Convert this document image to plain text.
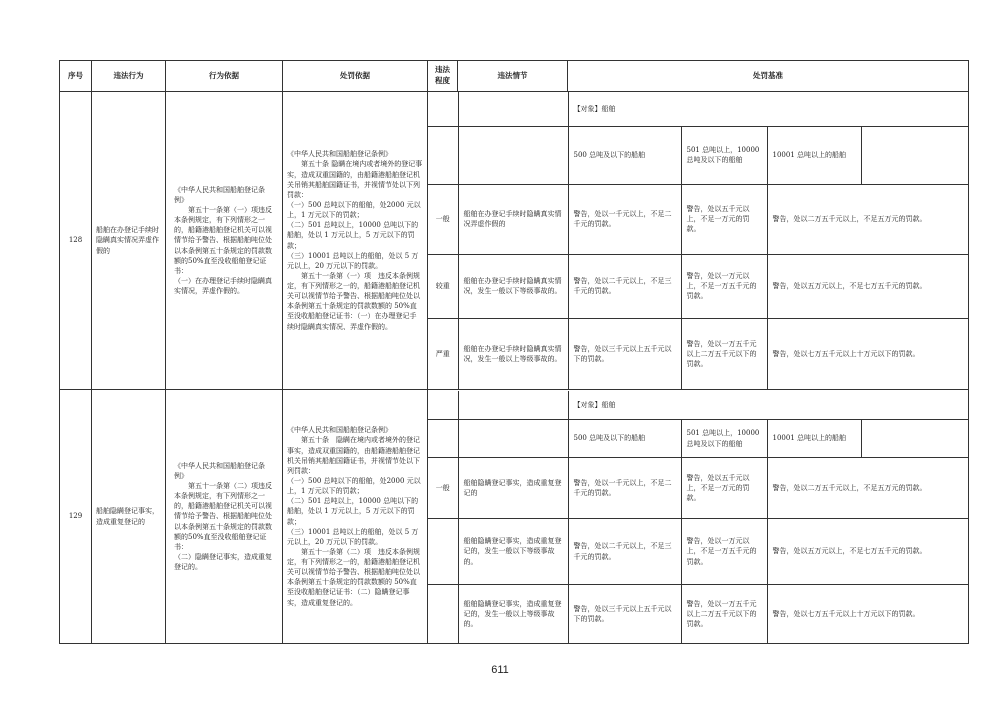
序号	违法行为	行为依据	处罚依据	违法
程度	违法情节	处罚基准
128	船舶在办登记手续时隐瞒真实情况弄虚作假的	《中华人民共和国船舶登记条例》
　　第五十一条第（一）项违反本条例规定，有下列情形之一的，船籍港船舶登记机关可以视情节给予警告、根据船舶吨位处以本条例第五十条规定的罚款数额的50%直至没收船舶登记证书：
（一）在办理登记手续时隐瞒真实情况，弄虚作假的。	《中华人民共和国船舶登记条例》
　　第五十条 隐瞒在境内或者境外的登记事实，造成双重国籍的，由船籍港船舶登记机关吊销其船舶国籍证书，并视情节处以下列罚款：
（一）500 总吨以下的船舶，处2000 元以上，1 万元以下的罚款；
（二）501 总吨以上，10000 总吨以下的船舶，处以 1 万元以上，5 万元以下的罚款；
（三）10001 总吨以上的船舶，处以 5 万元以上，20 万元以下的罚款。
　　第五十一条第（一）项　违反本条例规定，有下列情形之一的，船籍港船舶登记机关可以视情节给予警告、根据船舶吨位处以本条例第五十条规定的罚款数额的 50%直至没收船舶登记证书：（一）在办理登记手续时隐瞒真实情况、弄虚作假的。	
		【对象】船舶
		500 总吨及以下的船舶	501 总吨以上，10000 总吨及以下的船舶	10001 总吨以上的船舶	
一般	船舶在办登记手续时隐瞒真实情况弄虚作假的	警告，处以一千元以上，不足二千元的罚款。	警告，处以五千元以上，不足一万元的罚款。	警告，处以二万五千元以上，不足五万元的罚款。
较重	船舶在办登记手续时隐瞒真实情况，发生一般以下等级事故的。	警告，处以二千元以上，不足三千元的罚款。	警告，处以一万元以上，不足一万五千元的罚款。	警告，处以五万元以上，不足七万五千元的罚款。
严重	船舶在办登记手续时隐瞒真实情况，发生一般以上等级事故的。	警告，处以三千元以上五千元以下的罚款。	警告，处以一万五千元以上二万五千元以下的罚款。	警告，处以七万五千元以上十万元以下的罚款。

129	船舶隐瞒登记事实，造成重复登记的	《中华人民共和国船舶登记条例》
　　第五十一条第（二）项违反本条例规定，有下列情形之一的，船籍港船舶登记机关可以视情节给予警告、根据船舶吨位处以本条例第五十条规定的罚款数额的50%直至没收船舶登记证书：
（二）隐瞒登记事实，造成重复登记的。	《中华人民共和国船舶登记条例》
　　第五十条　隐瞒在境内或者境外的登记事实，造成双重国籍的，由船籍港船舶登记机关吊销其船舶国籍证书，并视情节处以下列罚款：
（一）500 总吨以下的船舶，处2000 元以上，1 万元以下的罚款；
（二）501 总吨以上，10000 总吨以下的船舶，处以 1 万元以上，5 万元以下的罚款；
（三）10001 总吨以上的船舶，处以 5 万元以上，20 万元以下的罚款。
　　第五十一条第（二）项　违反本条例规定，有下列情形之一的，船籍港船舶登记机关可以视情节给予警告、根据船舶吨位处以本条例第五十条规定的罚款数额的 50%直至没收船舶登记证书：（二）隐瞒登记事实，造成重复登记的。	
		【对象】船舶
		500 总吨及以下的船舶	501 总吨以上，10000 总吨及以下的船舶	10001 总吨以上的船舶	
一般	船舶隐瞒登记事实，造成重复登记的	警告，处以一千元以上，不足二千元的罚款。	警告，处以五千元以上，不足一万元的罚款。	警告，处以二万五千元以上，不足五万元的罚款。
	船舶隐瞒登记事实，造成重复登记的，发生一般以下等级事故的。	警告，处以二千元以上，不足三千元的罚款。	警告，处以一万元以上，不足一万五千元的罚款。	警告，处以五万元以上，不足七万五千元的罚款。
	船舶隐瞒登记事实，造成重复登记的，发生一般以上等级事故的。	警告，处以三千元以上五千元以下的罚款。	警告，处以一万五千元以上二万五千元以下的罚款。	警告，处以七万五千元以上十万元以下的罚款。
611
